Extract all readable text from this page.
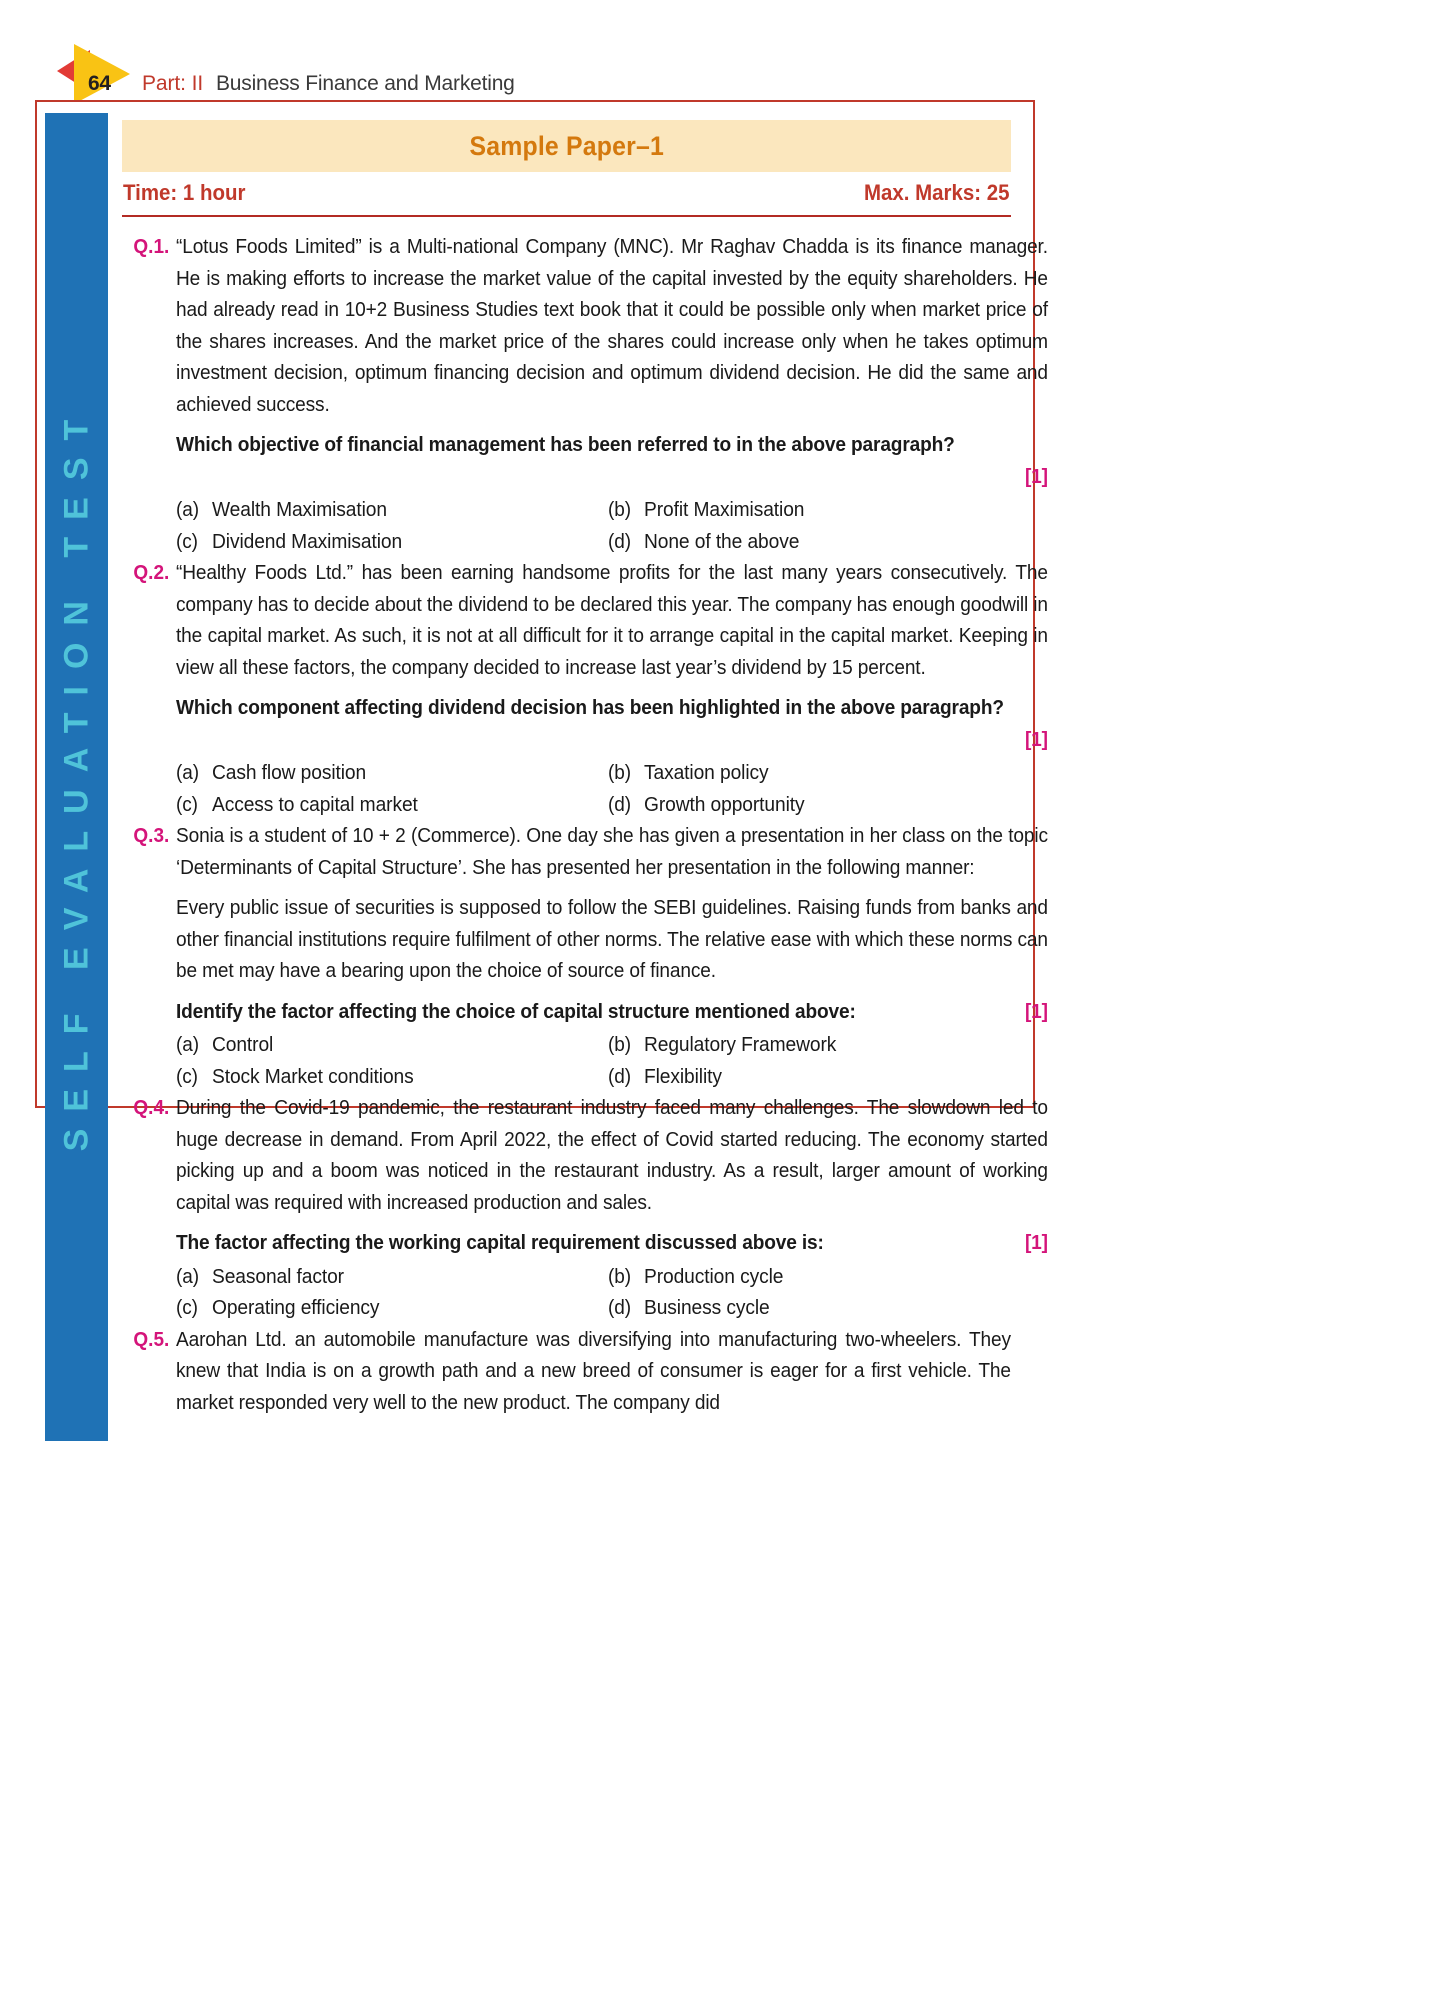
64 Part: II Business Finance and Marketing
SELF EVALUATION TEST
Sample Paper–1
Time: 1 hour	Max. Marks: 25
Q.1. “Lotus Foods Limited” is a Multi-national Company (MNC). Mr Raghav Chadda is its finance manager. He is making efforts to increase the market value of the capital invested by the equity shareholders. He had already read in 10+2 Business Studies text book that it could be possible only when market price of the shares increases. And the market price of the shares could increase only when he takes optimum investment decision, optimum financing decision and optimum dividend decision. He did the same and achieved success.
Which objective of financial management has been referred to in the above paragraph?
[1]
(a) Wealth Maximisation	(b) Profit Maximisation
(c) Dividend Maximisation	(d) None of the above
Q.2. “Healthy Foods Ltd.” has been earning handsome profits for the last many years consecutively. The company has to decide about the dividend to be declared this year. The company has enough goodwill in the capital market. As such, it is not at all difficult for it to arrange capital in the capital market. Keeping in view all these factors, the company decided to increase last year’s dividend by 15 percent.
Which component affecting dividend decision has been highlighted in the above paragraph?
[1]
(a) Cash flow position	(b) Taxation policy
(c) Access to capital market	(d) Growth opportunity
Q.3. Sonia is a student of 10 + 2 (Commerce). One day she has given a presentation in her class on the topic ‘Determinants of Capital Structure’. She has presented her presentation in the following manner:
Every public issue of securities is supposed to follow the SEBI guidelines. Raising funds from banks and other financial institutions require fulfilment of other norms. The relative ease with which these norms can be met may have a bearing upon the choice of source of finance.
[1]
Identify the factor affecting the choice of capital structure mentioned above:
(a) Control	(b) Regulatory Framework
(c) Stock Market conditions	(d) Flexibility
Q.4. During the Covid-19 pandemic, the restaurant industry faced many challenges. The slowdown led to huge decrease in demand. From April 2022, the effect of Covid started reducing. The economy started picking up and a boom was noticed in the restaurant industry. As a result, larger amount of working capital was required with increased production and sales.
[1]
The factor affecting the working capital requirement discussed above is:
(a) Seasonal factor	(b) Production cycle
(c) Operating efficiency	(d) Business cycle
Q.5. Aarohan Ltd. an automobile manufacture was diversifying into manufacturing two-wheelers. They knew that India is on a growth path and a new breed of consumer is eager for a first vehicle. The market responded very well to the new product. The company did
